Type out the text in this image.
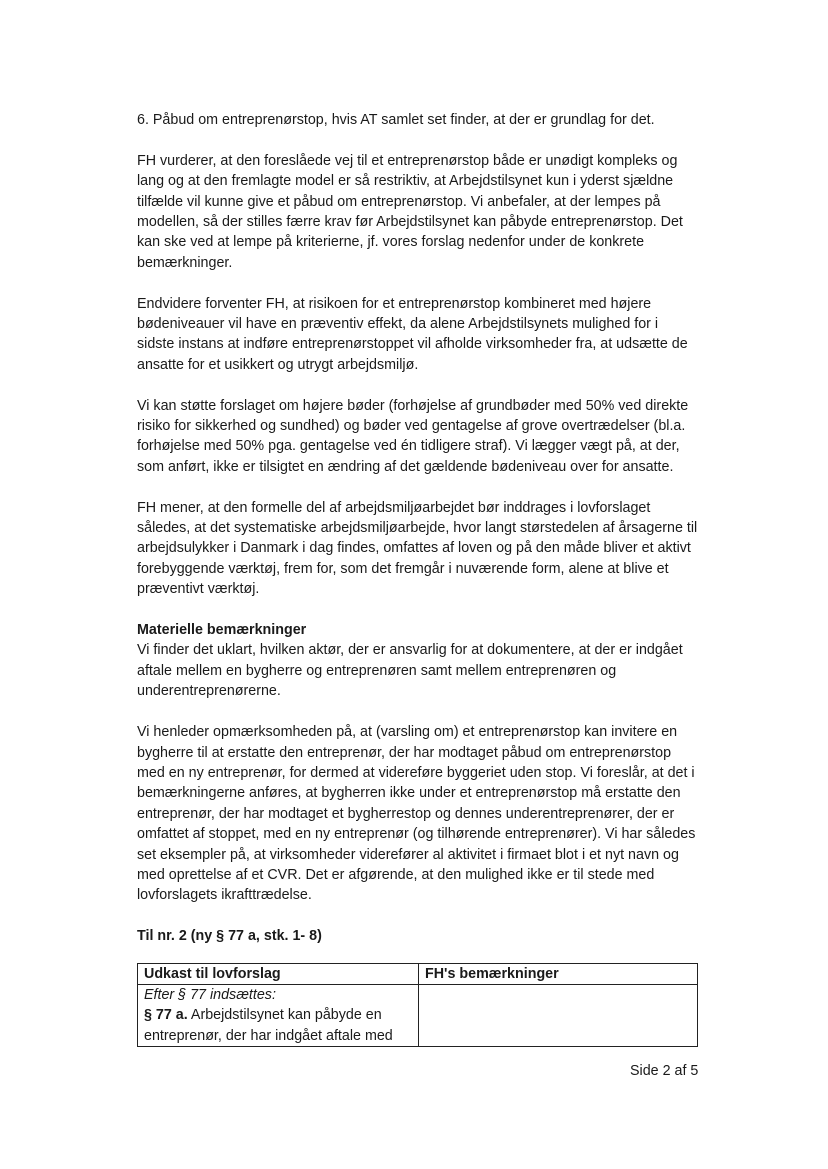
6. Påbud om entreprenørstop, hvis AT samlet set finder, at der er grundlag for det.

FH vurderer, at den foreslåede vej til et entreprenørstop både er unødigt kompleks og lang og at den fremlagte model er så restriktiv, at Arbejdstilsynet kun i yderst sjældne tilfælde vil kunne give et påbud om entreprenørstop. Vi anbefaler, at der lempes på modellen, så der stilles færre krav før Arbejdstilsynet kan påbyde entreprenørstop. Det kan ske ved at lempe på kriterierne, jf. vores forslag nedenfor under de konkrete bemærkninger.

Endvidere forventer FH, at risikoen for et entreprenørstop kombineret med højere bødeniveauer vil have en præventiv effekt, da alene Arbejdstilsynets mulighed for i sidste instans at indføre entreprenørstoppet vil afholde virksomheder fra, at udsætte de ansatte for et usikkert og utrygt arbejdsmiljø.

Vi kan støtte forslaget om højere bøder (forhøjelse af grundbøder med 50% ved direkte risiko for sikkerhed og sundhed) og bøder ved gentagelse af grove overtrædelser (bl.a. forhøjelse med 50% pga. gentagelse ved én tidligere straf). Vi lægger vægt på, at der, som anført, ikke er tilsigtet en ændring af det gældende bødeniveau over for ansatte.

FH mener, at den formelle del af arbejdsmiljøarbejdet bør inddrages i lovforslaget således, at det systematiske arbejdsmiljøarbejde, hvor langt størstedelen af årsagerne til arbejdsulykker i Danmark i dag findes, omfattes af loven og på den måde bliver et aktivt forebyggende værktøj, frem for, som det fremgår i nuværende form, alene at blive et præventivt værktøj.

Materielle bemærkninger

Vi finder det uklart, hvilken aktør, der er ansvarlig for at dokumentere, at der er indgået aftale mellem en bygherre og entreprenøren samt mellem entreprenøren og underentreprenørerne.

Vi henleder opmærksomheden på, at (varsling om) et entreprenørstop kan invitere en bygherre til at erstatte den entreprenør, der har modtaget påbud om entreprenørstop med en ny entreprenør, for dermed at videreføre byggeriet uden stop. Vi foreslår, at det i bemærkningerne anføres, at bygherren ikke under et entreprenørstop må erstatte den entreprenør, der har modtaget et bygherrestop og dennes underentreprenører, der er omfattet af stoppet, med en ny entreprenør (og tilhørende entreprenører). Vi har således set eksempler på, at virksomheder viderefører al aktivitet i firmaet blot i et nyt navn og med oprettelse af et CVR. Det er afgørende, at den mulighed ikke er til stede med lovforslagets ikrafttrædelse.

Til nr. 2 (ny § 77 a, stk. 1- 8)

Udkast til lovforslag	FH's bemærkninger
Efter § 77 indsættes:
§ 77 a. Arbejdstilsynet kan påbyde en entreprenør, der har indgået aftale med	
Side 2 af 5
